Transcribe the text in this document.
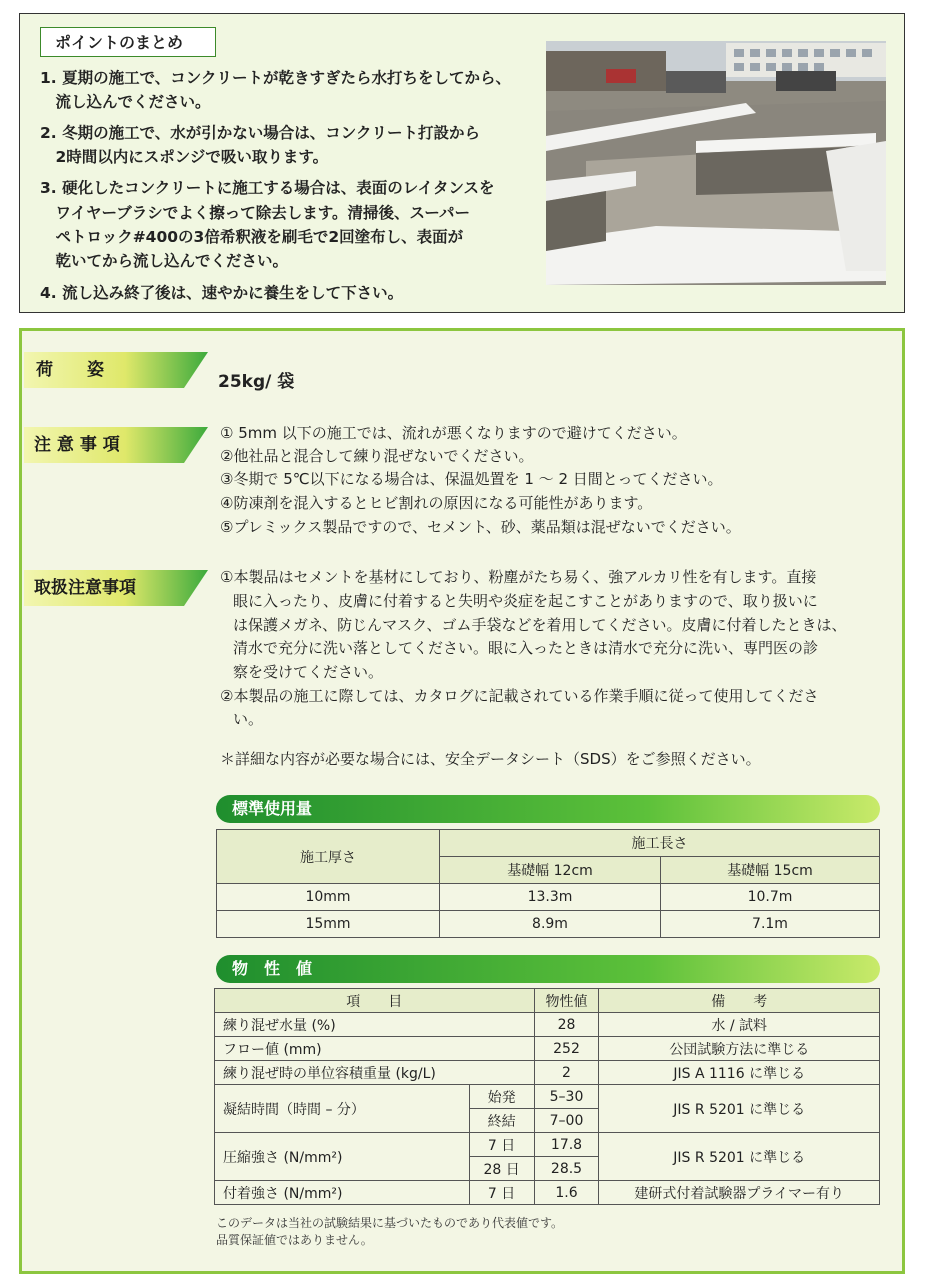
ポイントのまとめ
1. 夏期の施工で、コンクリートが乾きすぎたら水打ちをしてから、
　流し込んでください。
2. 冬期の施工で、水が引かない場合は、コンクリート打設から
　2時間以内にスポンジで吸い取ります。
3. 硬化したコンクリートに施工する場合は、表面のレイタンスを
　ワイヤーブラシでよく擦って除去します。清掃後、スーパー
　ペトロック#400の3倍希釈液を刷毛で2回塗布し、表面が
　乾いてから流し込んでください。
4. 流し込み終了後は、速やかに養生をして下さい。
荷　　姿
25kg/ 袋
注 意 事 項
① 5mm 以下の施工では、流れが悪くなりますので避けてください。
②他社品と混合して練り混ぜないでください。
③冬期で 5℃以下になる場合は、保温処置を 1 ～ 2 日間とってください。
④防凍剤を混入するとヒビ割れの原因になる可能性があります。
⑤プレミックス製品ですので、セメント、砂、薬品類は混ぜないでください。
取扱注意事項
①本製品はセメントを基材にしており、粉塵がたち易く、強アルカリ性を有します。直接
眼に入ったり、皮膚に付着すると失明や炎症を起こすことがありますので、取り扱いに
は保護メガネ、防じんマスク、ゴム手袋などを着用してください。皮膚に付着したときは、
清水で充分に洗い落としてください。眼に入ったときは清水で充分に洗い、専門医の診
察を受けてください。
②本製品の施工に際しては、カタログに記載されている作業手順に従って使用してくださ
い。
＊詳細な内容が必要な場合には、安全データシート（SDS）をご参照ください。
標準使用量
施工厚さ	施工長さ	
	基礎幅 12cm	基礎幅 15cm
10mm	13.3m	10.7m
15mm	8.9m	7.1m
物　性　値
項　　目		物性値	備　　考
練り混ぜ水量 (%)		28	水 / 試料
フロー値 (mm)		252	公団試験方法に準じる
練り混ぜ時の単位容積重量 (kg/L)		2	JIS A 1116 に準じる
凝結時間（時間 – 分）	始発	5–30	JIS R 5201 に準じる
	終結	7–00	
圧縮強さ (N/mm²)	7 日	17.8	JIS R 5201 に準じる
	28 日	28.5	
付着強さ (N/mm²)	7 日	1.6	建研式付着試験器プライマー有り
このデータは当社の試験結果に基づいたものであり代表値です。
品質保証値ではありません。
